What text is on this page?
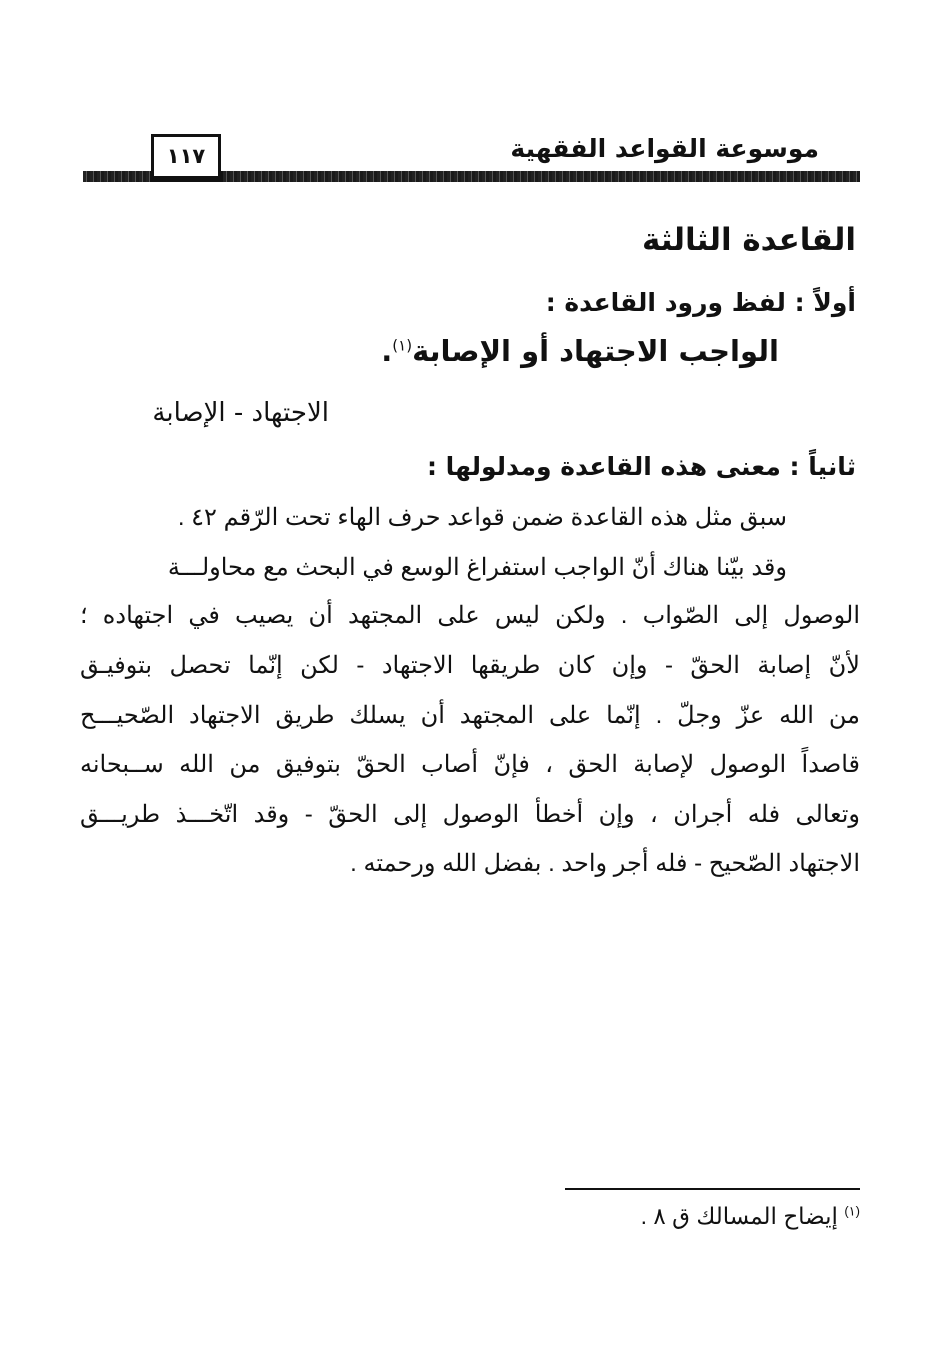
موسوعة القواعد الفقهية
١١٧
القاعدة الثالثة
أولاً : لفظ ورود القاعدة :
الواجب الاجتهاد أو الإصابة$^{(١)}$.
الاجتهاد - الإصابة
ثانياً : معنى هذه القاعدة ومدلولها :
سبق مثل هذه القاعدة ضمن قواعد حرف الهاء تحت الرّقم ٤٢ .
وقد بيّنا هناك أنّ الواجب استفراغ الوسع في البحث مع محاولـــة
الوصول إلى الصّواب . ولكن ليس على المجتهد أن يصيب في اجتهاده ؛
لأنّ إصابة الحقّ - وإن كان طريقها الاجتهاد - لكن إنّما تحصل بتوفيـق
من الله عزّ وجلّ . إنّما على المجتهد أن يسلك طريق الاجتهاد الصّحيـــح
قاصداً الوصول لإصابة الحق ، فإنّ أصاب الحقّ بتوفيق من الله ســبحانه
وتعالى فله أجران ، وإن أخطأ الوصول إلى الحقّ - وقد اتّخـــذ طريـــق
الاجتهاد الصّحيح - فله أجر واحد . بفضل الله ورحمته .
$^{(١)}$ إيضاح المسالك ق ٨ .
